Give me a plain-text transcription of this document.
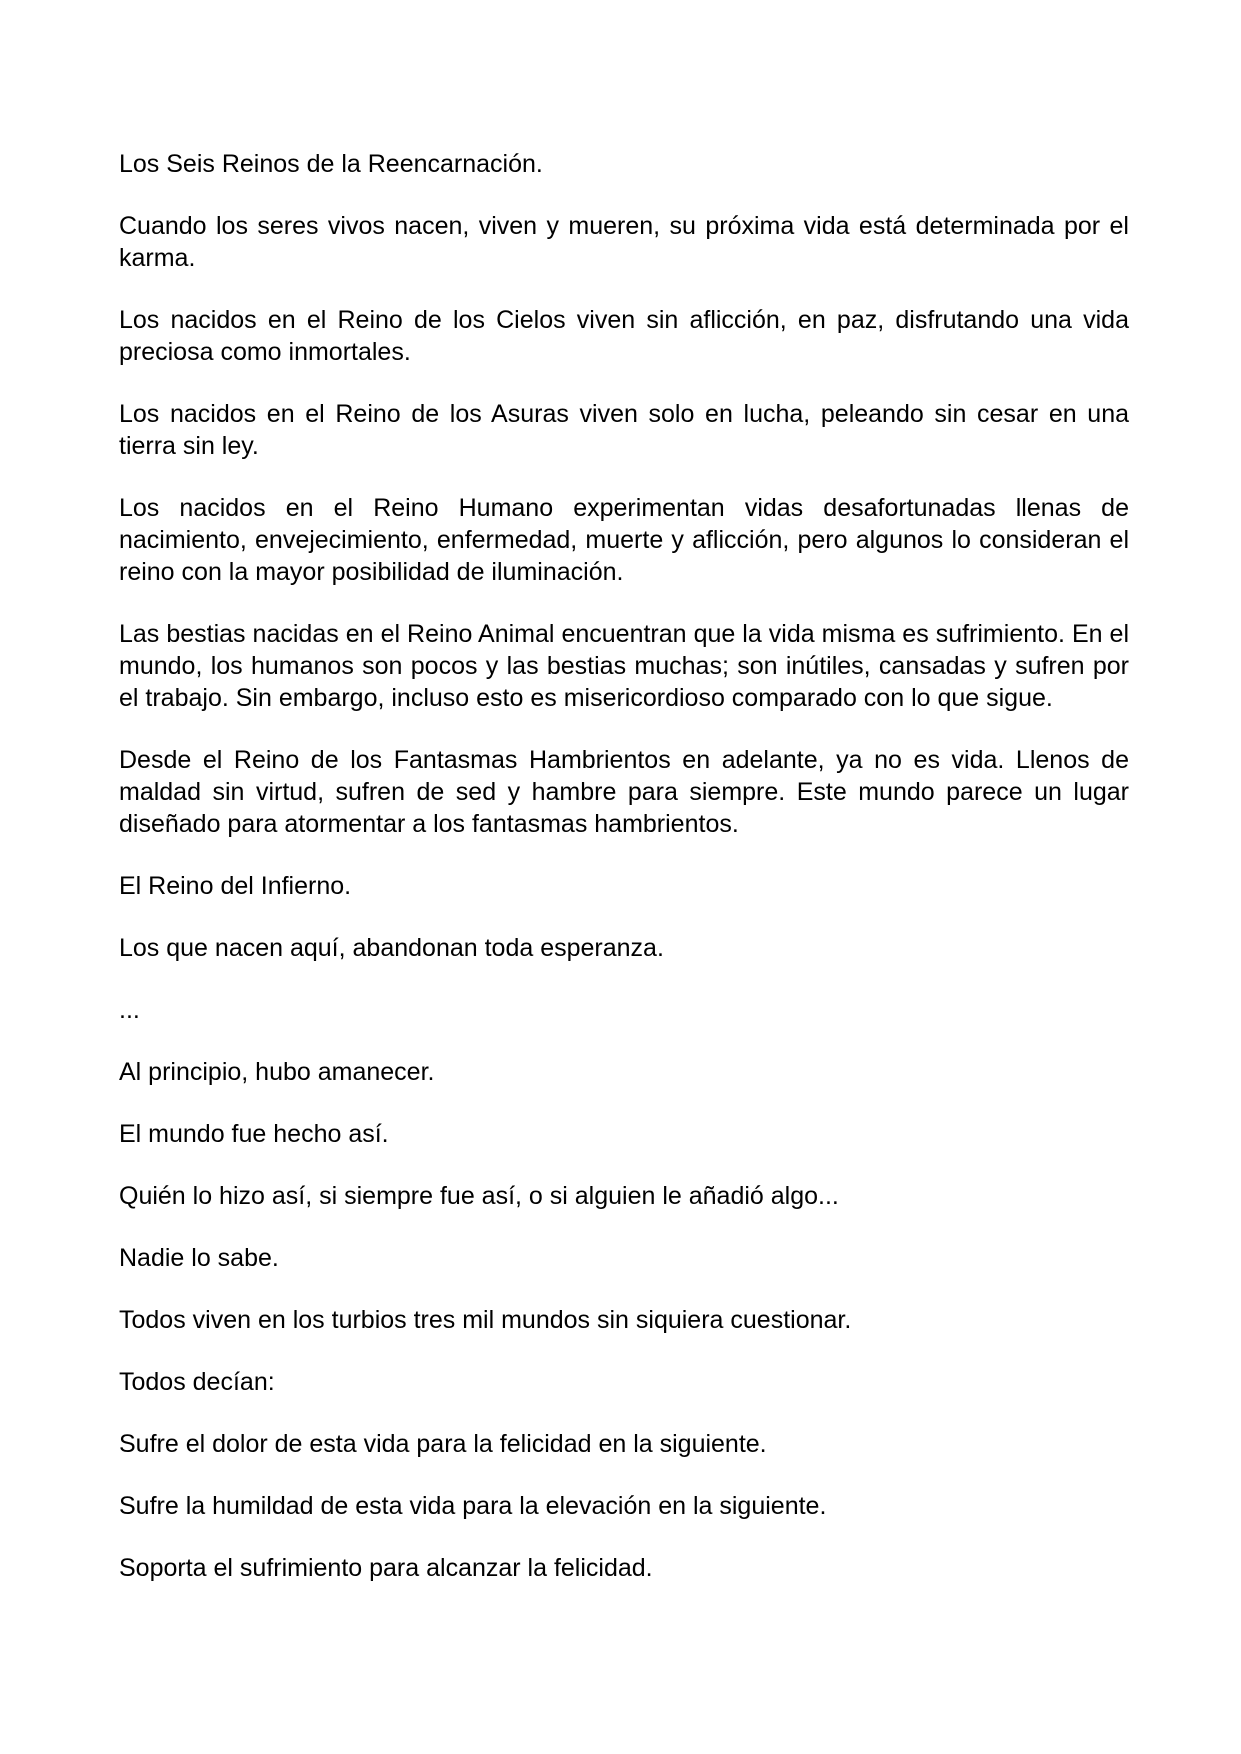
Los Seis Reinos de la Reencarnación.

Cuando los seres vivos nacen, viven y mueren, su próxima vida está determinada por el karma.

Los nacidos en el Reino de los Cielos viven sin aflicción, en paz, disfrutando una vida preciosa como inmortales.

Los nacidos en el Reino de los Asuras viven solo en lucha, peleando sin cesar en una tierra sin ley.

Los nacidos en el Reino Humano experimentan vidas desafortunadas llenas de nacimiento, envejecimiento, enfermedad, muerte y aflicción, pero algunos lo consideran el reino con la mayor posibilidad de iluminación.

Las bestias nacidas en el Reino Animal encuentran que la vida misma es sufrimiento. En el mundo, los humanos son pocos y las bestias muchas; son inútiles, cansadas y sufren por el trabajo. Sin embargo, incluso esto es misericordioso comparado con lo que sigue.

Desde el Reino de los Fantasmas Hambrientos en adelante, ya no es vida. Llenos de maldad sin virtud, sufren de sed y hambre para siempre. Este mundo parece un lugar diseñado para atormentar a los fantasmas hambrientos.

El Reino del Infierno.

Los que nacen aquí, abandonan toda esperanza.

...

Al principio, hubo amanecer.

El mundo fue hecho así.

Quién lo hizo así, si siempre fue así, o si alguien le añadió algo...

Nadie lo sabe.

Todos viven en los turbios tres mil mundos sin siquiera cuestionar.

Todos decían:

Sufre el dolor de esta vida para la felicidad en la siguiente.

Sufre la humildad de esta vida para la elevación en la siguiente.

Soporta el sufrimiento para alcanzar la felicidad.
